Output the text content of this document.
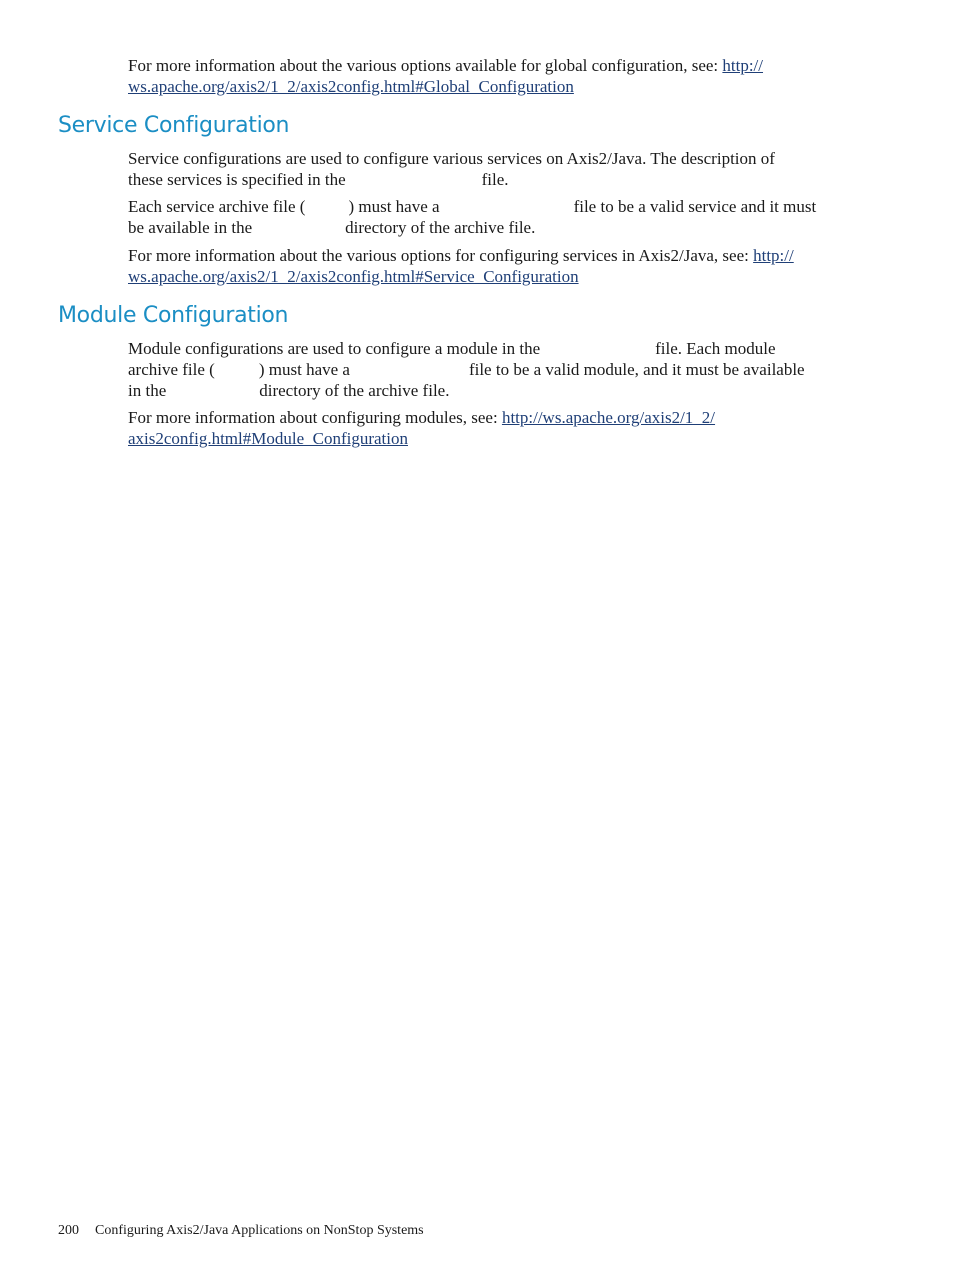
For more information about the various options available for global configuration, see: http://
ws.apache.org/axis2/1_2/axis2config.html#Global_Configuration

Service Configuration
Service configurations are used to configure various services on Axis2/Java. The description of
these services is specified in the	file.
Each service archive file (	) must have a	file to be a valid service and it must
be available in the	directory of the archive file.

For more information about the various options for configuring services in Axis2/Java, see: http://
ws.apache.org/axis2/1_2/axis2config.html#Service_Configuration

Module Configuration
Module configurations are used to configure a module in the	file. Each module
archive file (	) must have a	file to be a valid module, and it must be available
in the	directory of the archive file.

For more information about configuring modules, see: http://ws.apache.org/axis2/1_2/
axis2config.html#Module_Configuration

200 Configuring Axis2/Java Applications on NonStop Systems
